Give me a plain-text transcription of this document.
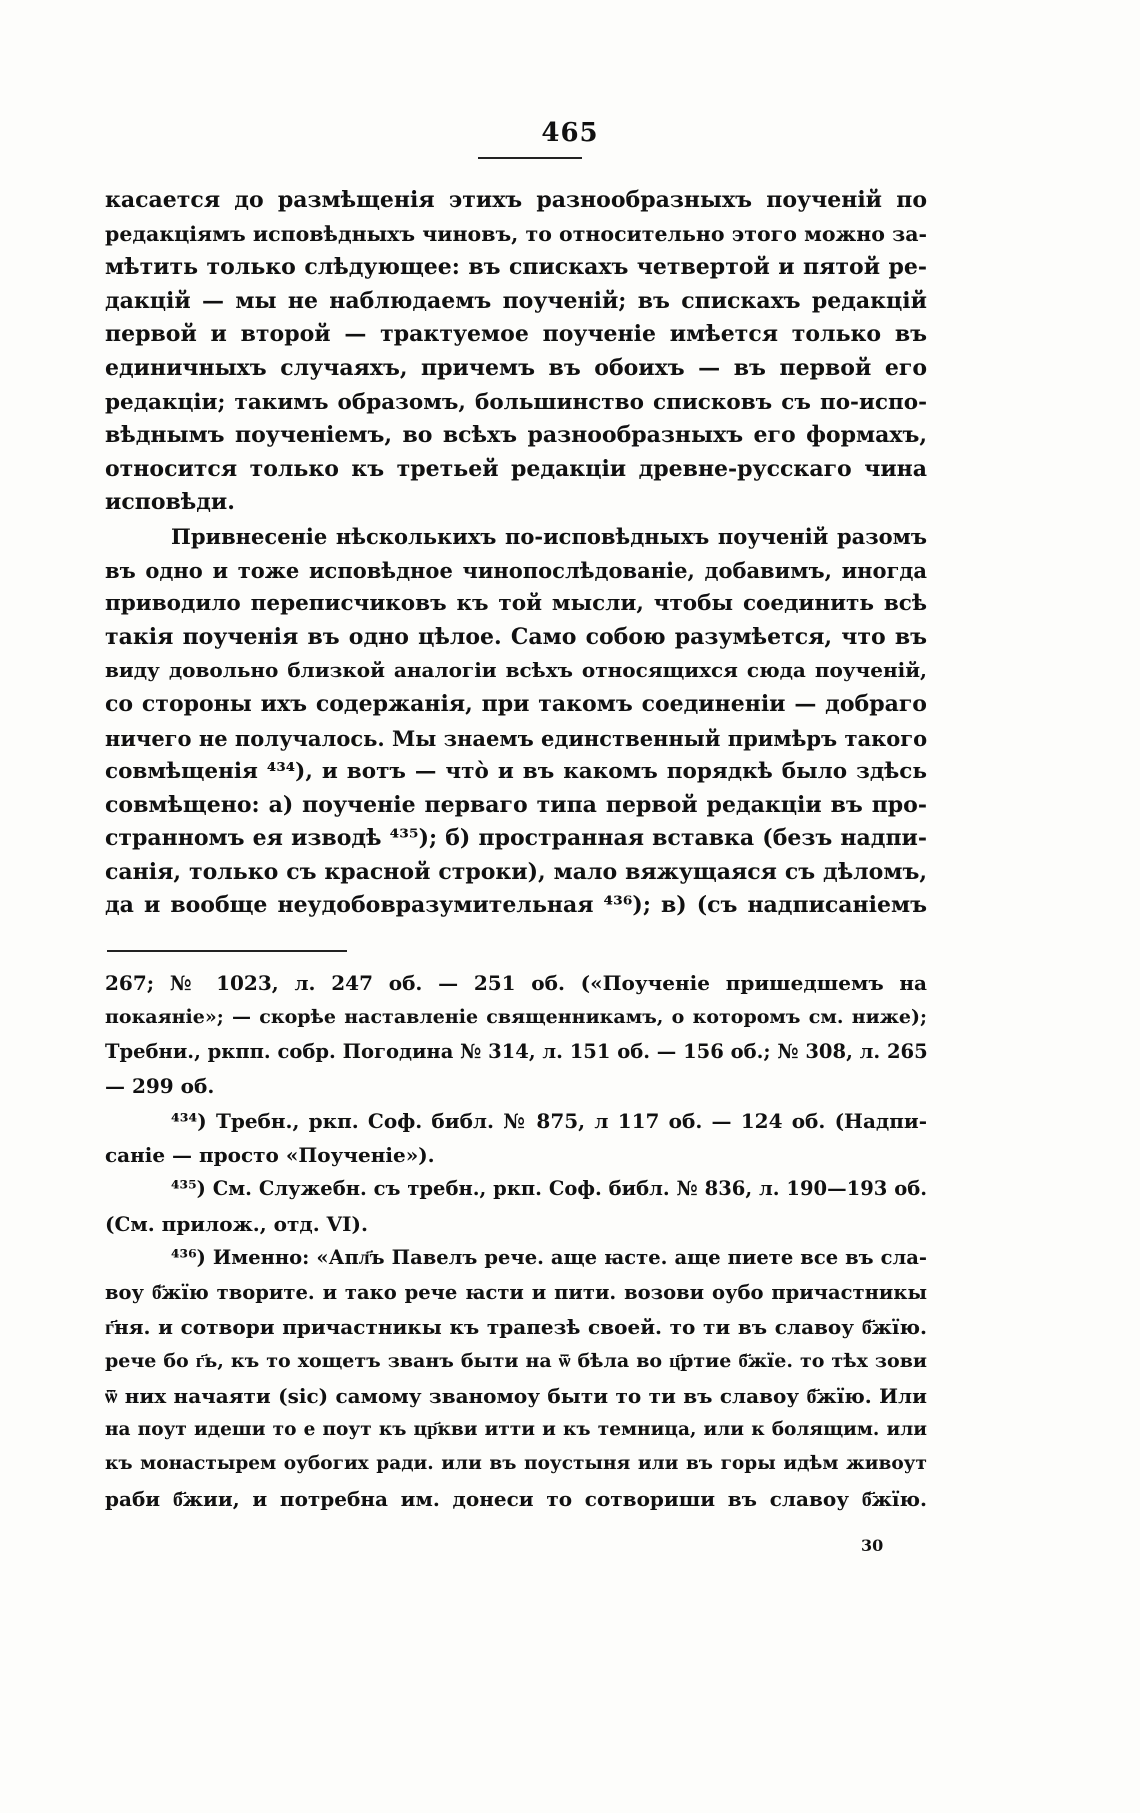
465
касается до размѣщенія этихъ разнообразныхъ поученій по
редакціямъ исповѣдныхъ чиновъ, то относительно этого можно за-
мѣтить только слѣдующее: въ спискахъ четвертой и пятой ре-
дакцій — мы не наблюдаемъ поученій; въ спискахъ редакцій
первой и второй — трактуемое поученіе имѣется только въ
единичныхъ случаяхъ, причемъ въ обоихъ — въ первой его
редакціи; такимъ образомъ, большинство списковъ съ по-испо-
вѣднымъ поученіемъ, во всѣхъ разнообразныхъ его формахъ,
относится только къ третьей редакціи древне-русскаго чина
исповѣди.
Привнесеніе нѣсколькихъ по-исповѣдныхъ поученій разомъ
въ одно и тоже исповѣдное чинопослѣдованіе, добавимъ, иногда
приводило переписчиковъ къ той мысли, чтобы соединить всѣ
такія поученія въ одно цѣлое. Само собою разумѣется, что въ
виду довольно близкой аналогіи всѣхъ относящихся сюда поученій,
со стороны ихъ содержанія, при такомъ соединеніи — добраго
ничего не получалось. Мы знаемъ единственный примѣръ такого
совмѣщенія ⁴³⁴), и вотъ — что̀ и въ какомъ порядкѣ было здѣсь
совмѣщено: а) поученіе перваго типа первой редакціи въ про-
странномъ ея изводѣ ⁴³⁵); б) пространная вставка (безъ надпи-
санія, только съ красной строки), мало вяжущаяся съ дѣломъ,
да и вообще неудобовразумительная ⁴³⁶); в) (съ надписаніемъ
267; № 1023, л. 247 об. — 251 об. («Поученіе пришедшемъ на
покаяніе»; — скорѣе наставленіе священникамъ, о которомъ см. ниже);
Требни., ркпп. собр. Погодина № 314, л. 151 об. — 156 об.; № 308, л. 265
— 299 об.
⁴³⁴) Требн., ркп. Соф. библ. № 875, л 117 об. — 124 об. (Надпи-
саніе — просто «Поученіе»).
⁴³⁵) См. Служебн. съ требн., ркп. Соф. библ. № 836, л. 190—193 об.
(См. прилож., отд. VI).
⁴³⁶) Именно: «Апл҃ъ Павелъ рече. аще ꙗсте. аще пиете все въ сла-
воу б҃жїю творите. и тако рече ꙗсти и пити. возови оубо причастникы
г҃ня. и сотвори причастникы къ трапезѣ своей. то ти въ славоу б҃жїю.
рече бо г҃ь, къ то хощетъ званъ быти на ѿ бѣла во ц҃ртие б҃жїе. то тѣх зови
ѿ них начаяти (sic) самому званомоу быти то ти въ славоу б҃жїю. Или
на поут идеши то е поут къ цр҃кви итти и къ темница, или к болящим. или
къ монастырем оубогих ради. или въ поустыня или въ горы идѣм живоут
раби б҃жии, и потребна им. донеси то сотвориши въ славоу б҃жїю.
30
